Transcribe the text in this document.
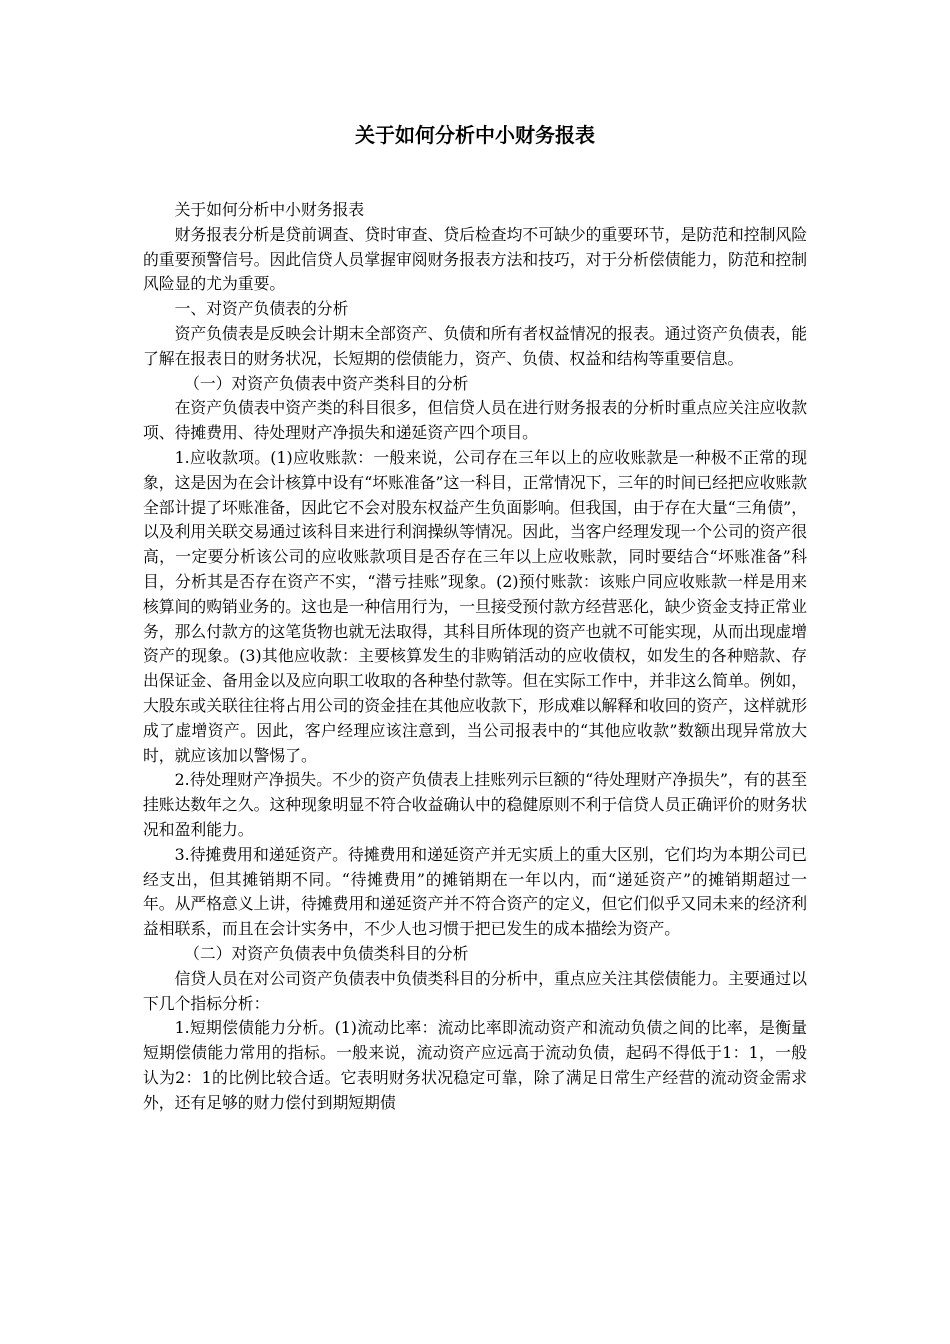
关于如何分析中小财务报表

关于如何分析中小财务报表

财务报表分析是贷前调查、贷时审查、贷后检查均不可缺少的重要环节，是防范和控制风险的重要预警信号。因此信贷人员掌握审阅财务报表方法和技巧，对于分析偿债能力，防范和控制风险显的尤为重要。

一、对资产负债表的分析

资产负债表是反映会计期末全部资产、负债和所有者权益情况的报表。通过资产负债表，能了解在报表日的财务状况，长短期的偿债能力，资产、负债、权益和结构等重要信息。

（一）对资产负债表中资产类科目的分析

在资产负债表中资产类的科目很多，但信贷人员在进行财务报表的分析时重点应关注应收款项、待摊费用、待处理财产净损失和递延资产四个项目。

1.应收款项。(1)应收账款：一般来说，公司存在三年以上的应收账款是一种极不正常的现象，这是因为在会计核算中设有“坏账准备”这一科目，正常情况下，三年的时间已经把应收账款全部计提了坏账准备，因此它不会对股东权益产生负面影响。但我国，由于存在大量“三角债”，以及利用关联交易通过该科目来进行利润操纵等情况。因此，当客户经理发现一个公司的资产很高，一定要分析该公司的应收账款项目是否存在三年以上应收账款，同时要结合“坏账准备”科目，分析其是否存在资产不实，“潜亏挂账”现象。(2)预付账款：该账户同应收账款一样是用来核算间的购销业务的。这也是一种信用行为，一旦接受预付款方经营恶化，缺少资金支持正常业务，那么付款方的这笔货物也就无法取得，其科目所体现的资产也就不可能实现，从而出现虚增资产的现象。(3)其他应收款：主要核算发生的非购销活动的应收债权，如发生的各种赔款、存出保证金、备用金以及应向职工收取的各种垫付款等。但在实际工作中，并非这么简单。例如，大股东或关联往往将占用公司的资金挂在其他应收款下，形成难以解释和收回的资产，这样就形成了虚增资产。因此，客户经理应该注意到，当公司报表中的“其他应收款”数额出现异常放大时，就应该加以警惕了。

2.待处理财产净损失。不少的资产负债表上挂账列示巨额的“待处理财产净损失”，有的甚至挂账达数年之久。这种现象明显不符合收益确认中的稳健原则不利于信贷人员正确评价的财务状况和盈利能力。

3.待摊费用和递延资产。待摊费用和递延资产并无实质上的重大区别，它们均为本期公司已经支出，但其摊销期不同。“待摊费用”的摊销期在一年以内，而“递延资产”的摊销期超过一年。从严格意义上讲，待摊费用和递延资产并不符合资产的定义，但它们似乎又同未来的经济利益相联系，而且在会计实务中，不少人也习惯于把已发生的成本描绘为资产。

（二）对资产负债表中负债类科目的分析

信贷人员在对公司资产负债表中负债类科目的分析中，重点应关注其偿债能力。主要通过以下几个指标分析：

1.短期偿债能力分析。(1)流动比率：流动比率即流动资产和流动负债之间的比率，是衡量短期偿债能力常用的指标。一般来说，流动资产应远高于流动负债，起码不得低于1：1，一般认为2：1的比例比较合适。它表明财务状况稳定可靠，除了满足日常生产经营的流动资金需求外，还有足够的财力偿付到期短期债
